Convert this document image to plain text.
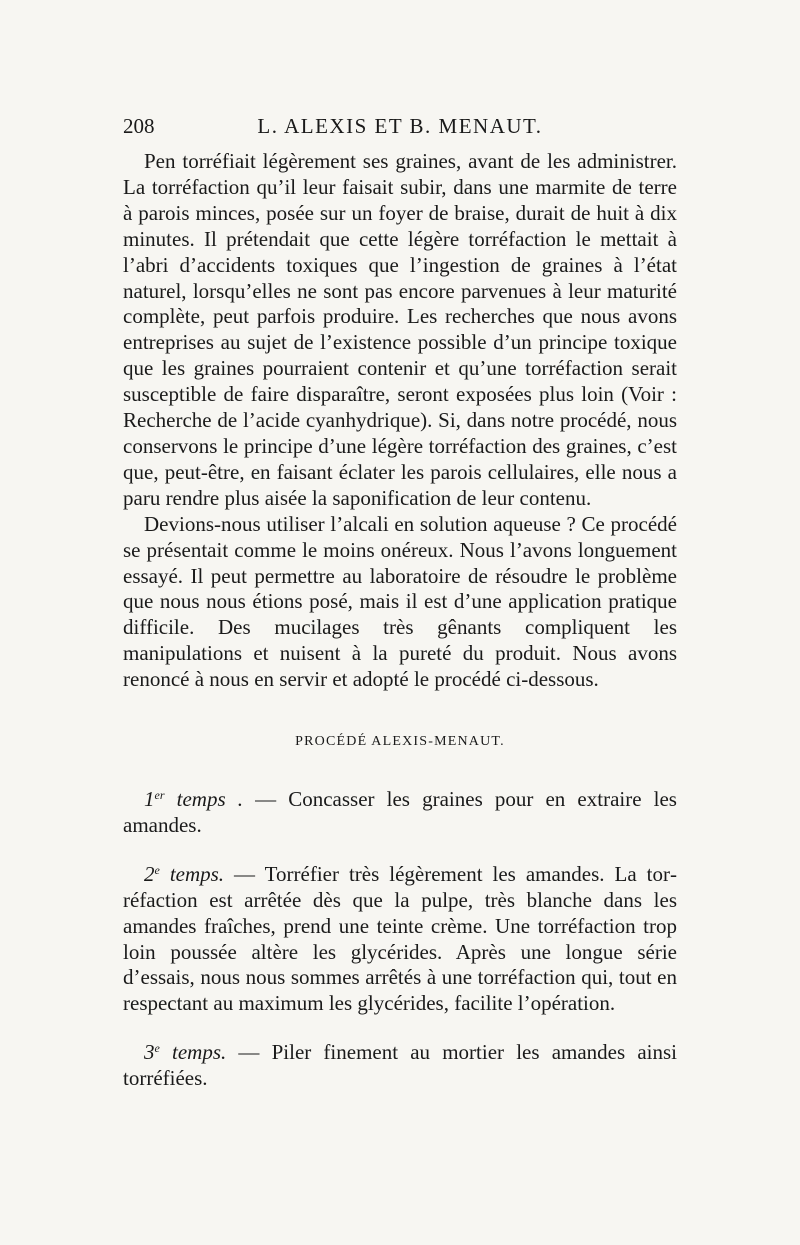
208	L. ALEXIS ET B. MENAUT.

Pen torréfiait légèrement ses graines, avant de les administrer. La torréfaction qu’il leur faisait subir, dans une marmite de terre à parois minces, posée sur un foyer de braise, durait de huit à dix minutes. Il prétendait que cette légère torréfaction le mettait à l’abri d’accidents toxiques que l’ingestion de graines à l’état naturel, lorsqu’elles ne sont pas encore parvenues à leur maturité complète, peut parfois produire. Les recherches que nous avons entreprises au sujet de l’existence possible d’un principe toxique que les graines pourraient contenir et qu’une torréfaction serait susceptible de faire disparaître, seront exposées plus loin (Voir : Recherche de l’acide cyanhydrique). Si, dans notre procédé, nous conservons le principe d’une légère torréfaction des graines, c’est que, peut-être, en faisant éclater les parois cellulaires, elle nous a paru rendre plus aisée la saponification de leur contenu.

Devions-nous utiliser l’alcali en solution aqueuse ? Ce procédé se présentait comme le moins onéreux. Nous l’avons longuement essayé. Il peut permettre au laboratoire de résoudre le problème que nous nous étions posé, mais il est d’une application pratique difficile. Des mucilages très gênants compliquent les manipulations et nuisent à la pureté du produit. Nous avons renoncé à nous en servir et adopté le procédé ci-dessous.

PROCÉDÉ ALEXIS-MENAUT.

1er temps . — Concasser les graines pour en extraire les amandes.

2e temps. — Torréfier très légèrement les amandes. La torréfaction est arrêtée dès que la pulpe, très blanche dans les amandes fraîches, prend une teinte crème. Une torréfaction trop loin poussée altère les glycérides. Après une longue série d’essais, nous nous sommes arrêtés à une torréfaction qui, tout en respectant au maximum les glycérides, facilite l’opération.

3e temps. — Piler finement au mortier les amandes ainsi torréfiées.
